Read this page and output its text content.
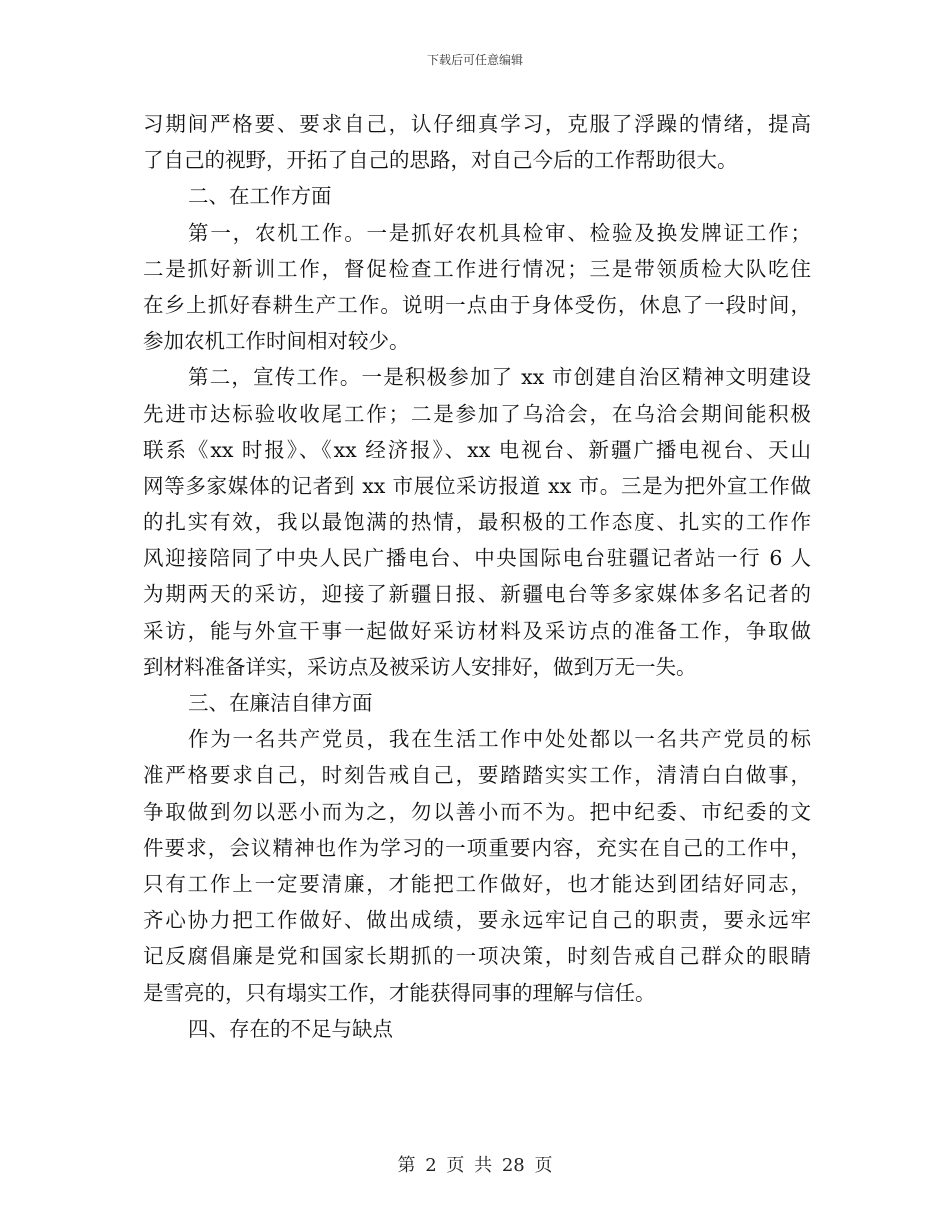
下载后可任意编辑
习期间严格要、要求自己，认仔细真学习，克服了浮躁的情绪，提高
了自己的视野，开拓了自己的思路，对自己今后的工作帮助很大。
二、在工作方面
第一，农机工作。一是抓好农机具检审、检验及换发牌证工作；
二是抓好新训工作，督促检查工作进行情况；三是带领质检大队吃住
在乡上抓好春耕生产工作。说明一点由于身体受伤，休息了一段时间，
参加农机工作时间相对较少。
第二，宣传工作。一是积极参加了 xx 市创建自治区精神文明建设
先进市达标验收收尾工作；二是参加了乌洽会，在乌洽会期间能积极
联系《xx 时报》、《xx 经济报》、xx 电视台、新疆广播电视台、天山
网等多家媒体的记者到 xx 市展位采访报道 xx 市。三是为把外宣工作做
的扎实有效，我以最饱满的热情，最积极的工作态度、扎实的工作作
风迎接陪同了中央人民广播电台、中央国际电台驻疆记者站一行 6 人
为期两天的采访，迎接了新疆日报、新疆电台等多家媒体多名记者的
采访，能与外宣干事一起做好采访材料及采访点的准备工作，争取做
到材料准备详实，采访点及被采访人安排好，做到万无一失。
三、在廉洁自律方面
作为一名共产党员，我在生活工作中处处都以一名共产党员的标
准严格要求自己，时刻告戒自己，要踏踏实实工作，清清白白做事，
争取做到勿以恶小而为之，勿以善小而不为。把中纪委、市纪委的文
件要求，会议精神也作为学习的一项重要内容，充实在自己的工作中，
只有工作上一定要清廉，才能把工作做好，也才能达到团结好同志，
齐心协力把工作做好、做出成绩，要永远牢记自己的职责，要永远牢
记反腐倡廉是党和国家长期抓的一项决策，时刻告戒自己群众的眼睛
是雪亮的，只有塌实工作，才能获得同事的理解与信任。
四、存在的不足与缺点
第 2 页 共 28 页
